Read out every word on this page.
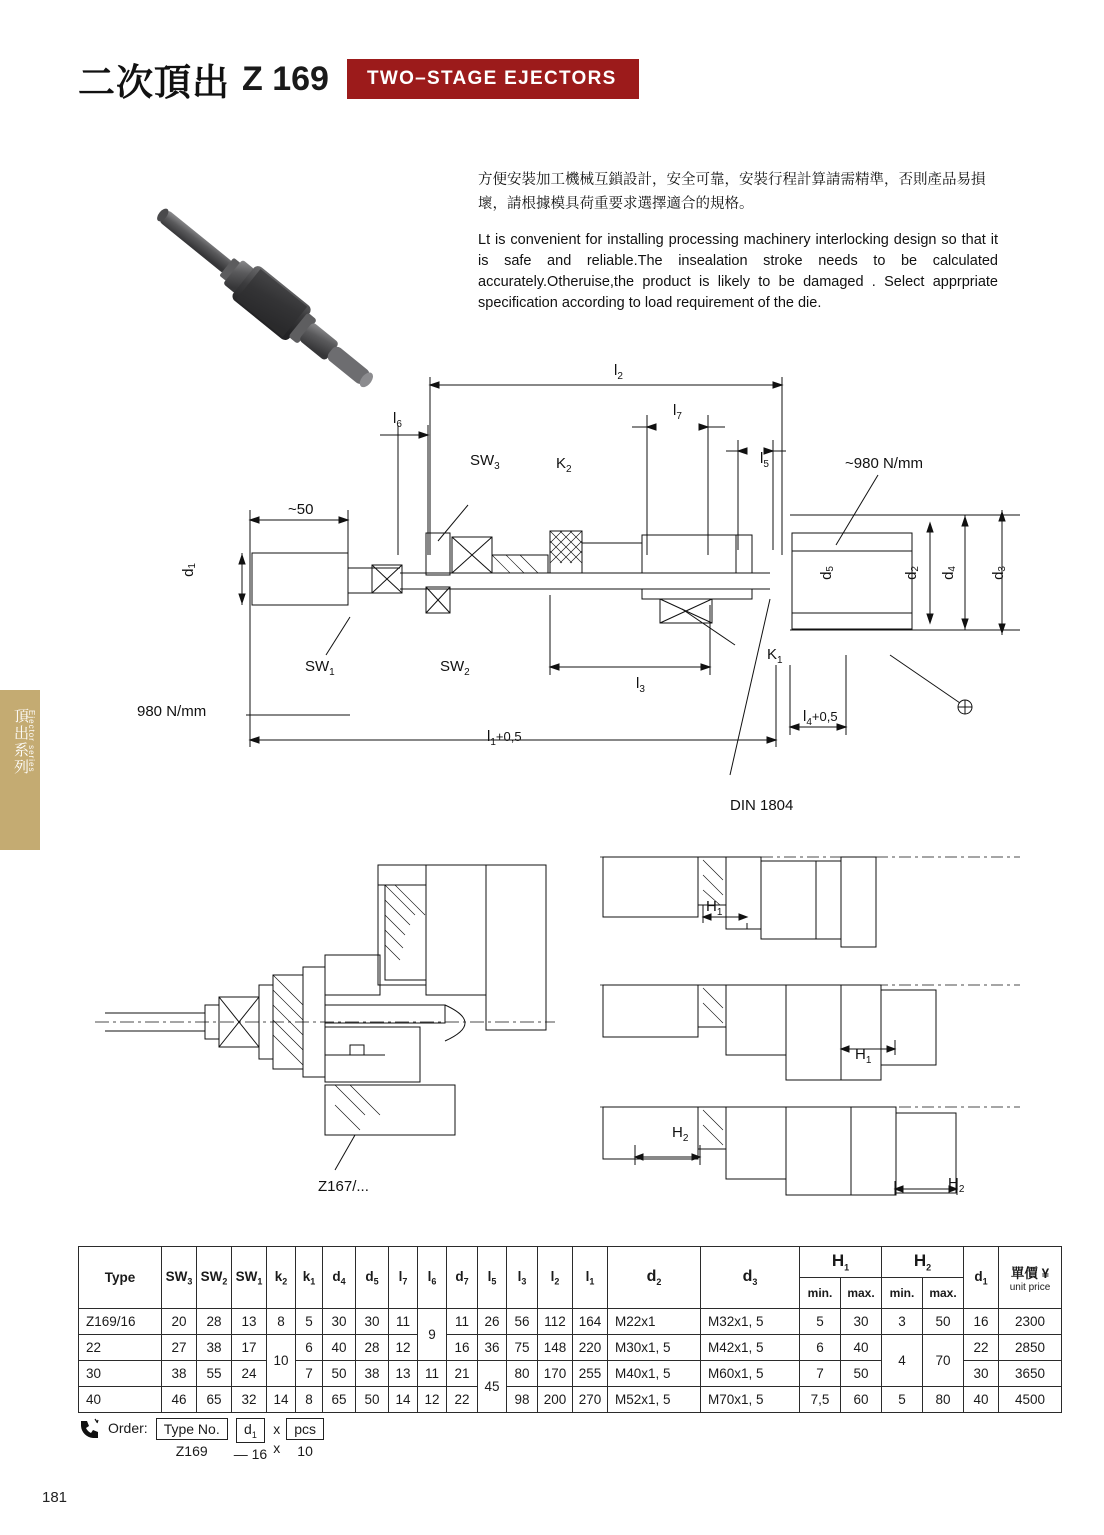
二次頂出 Z 169	TWO–STAGE EJECTORS
頂出系列
Ejector series
方便安裝加工機械互鎖設計，安全可靠，安裝行程計算請需精準，否則產品易損壞，請根據模具荷重要求選擇適合的規格。
Lt is convenient for installing processing machinery interlocking design so that it is safe and reliable.The insealation stroke needs to be calculated accurately.Otheruise,the product is likely to be damaged . Select apprpriate specification according to load requirement of the die.
~980 N/mm
980 N/mm
~50
$l_2$
$l_6$
$l_7$
$l_5$
$l_3$
$l_1+0,5$
$l_4+0,5$
$SW_1$	$SW_2$
$SW_3$
$K_1$
$K_2$
$d_1$
$d_5$
$d_2$
$d_4$
$d_3$
DIN 1804
Z167/...
$H_1$
$H_1$
$H_2$
$H_2$
Type	$SW_3$	$SW_2$	$SW_1$	$k_2$	$k_1$	$d_4$	$d_5$	$l_7$	$l_6$	$d_7$	$l_5$	$l_3$	$l_2$	$l_1$	$d_2$	$d_3$	$H_1$		$H_2$		$d_1$	單價 ¥
unit price

																	min.	max.	min.	max.		
Z169/16	20	28	13	8	5	30	30	11	9	11	26	56	112	164	M22x1	M32x1, 5	5	30	3	50	16	2300
22	27	38	17	10	6	40	28	12		16	36	75	148	220	M30x1, 5	M42x1, 5	6	40	4	70	22	2850
30	38	55	24		7	50	38	13	11	21	45	80	170	255	M40x1, 5	M60x1, 5	7	50			30	3650
40	46	65	32	14	8	65	50	14	12	22		98	200	270	M52x1, 5	M70x1, 5	7,5	60	5	80	40	4500
Order:	Type No.
Z169
$d_1$
— 16
x
x
pcs
10
181
